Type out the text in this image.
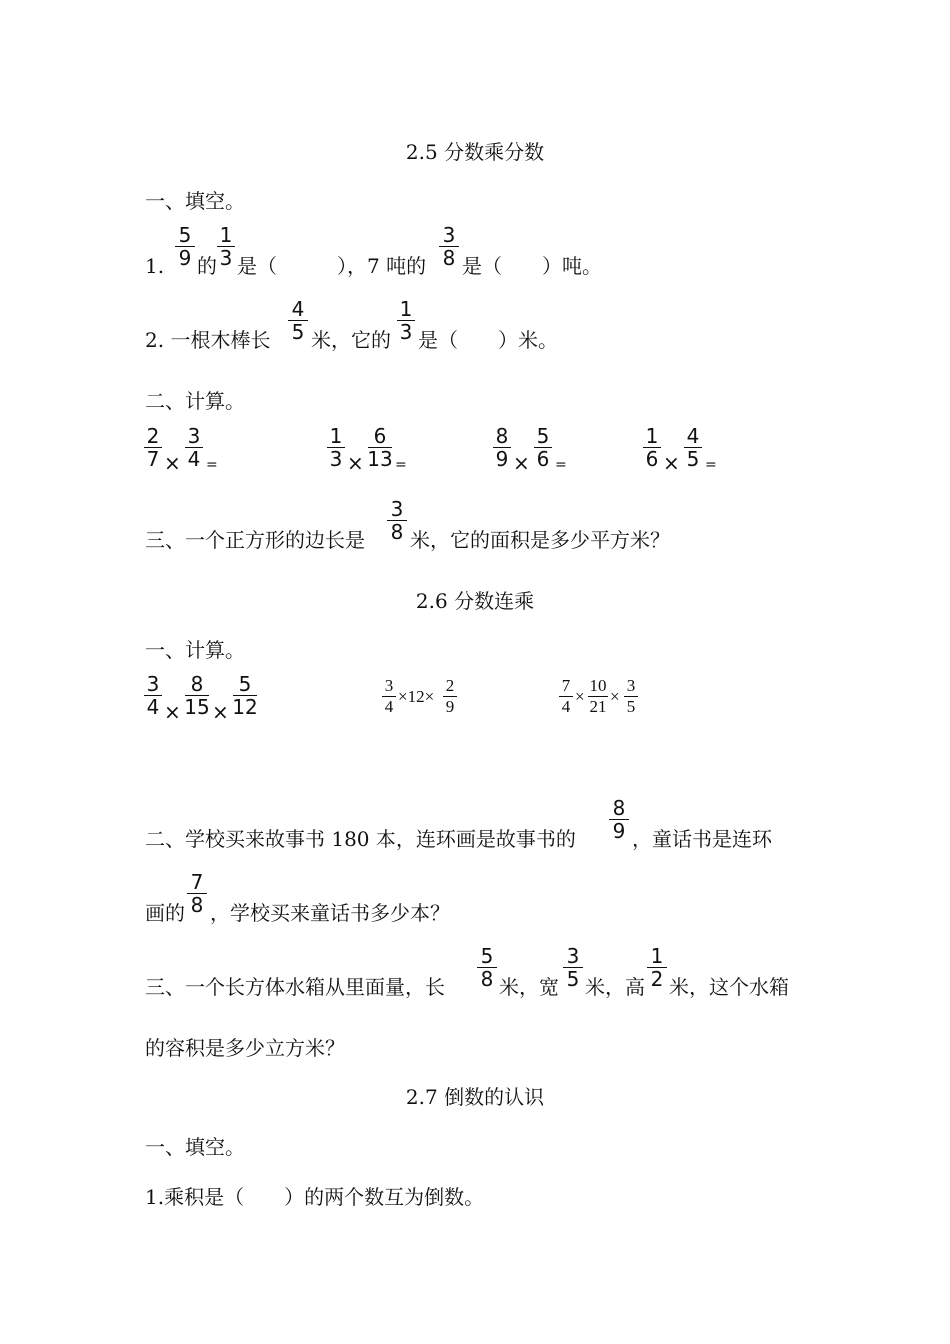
2.5 分数乘分数
一、填空。
1.
5
9 的
1
3 是（　　　），7 吨的
3
8 是（　　）吨。
2. 一根木棒长
4
5 米，它的
1
3 是（　　）米。
二、计算。
2
7 ×
3
4 =
1
3 ×
6
13 =
8
9 ×
5
6 =
1
6 ×
4
5 =
三、一个正方形的边长是
3
8 米，它的面积是多少平方米？
2.6 分数连乘
一、计算。
3
4 ×
8
15 ×
5
12
3
4
×12×
2
9
7
4
×
10
21
×
3
5
二、学校买来故事书 180 本，连环画是故事书的
8
9 ，童话书是连环
画的
7
8 ，学校买来童话书多少本？
三、一个长方体水箱从里面量，长
5
8 米，宽
3
5 米，高
1
2 米，这个水箱
的容积是多少立方米？
2.7 倒数的认识
一、填空。
1.乘积是（　　）的两个数互为倒数。
